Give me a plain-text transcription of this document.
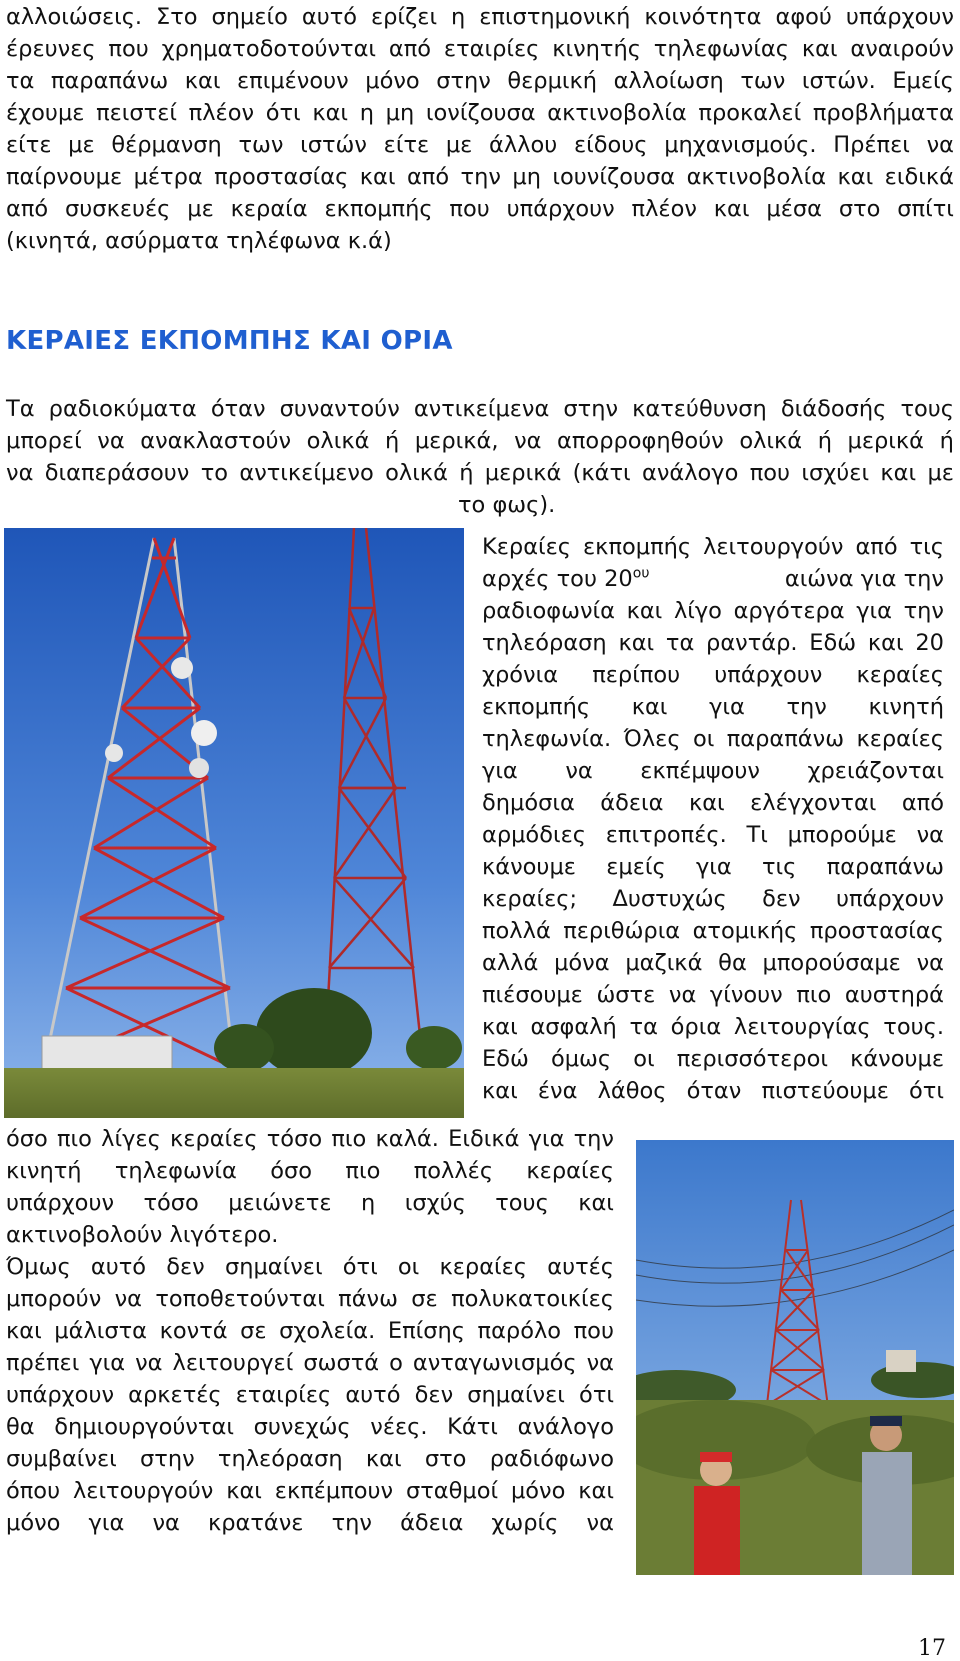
αλλοιώσεις. Στο σημείο αυτό ερίζει η επιστημονική κοινότητα αφού υπάρχουν
έρευνες που χρηματοδοτούνται από εταιρίες κινητής τηλεφωνίας και αναιρούν
τα παραπάνω και επιμένουν μόνο στην θερμική αλλοίωση των ιστών. Εμείς
έχουμε πειστεί πλέον ότι και η μη ιονίζουσα ακτινοβολία προκαλεί προβλήματα
είτε με θέρμανση των ιστών είτε με άλλου είδους μηχανισμούς. Πρέπει να
παίρνουμε μέτρα προστασίας και από την μη ιουνίζουσα ακτινοβολία και ειδικά
από συσκευές με κεραία εκπομπής που υπάρχουν πλέον και μέσα στο σπίτι
(κινητά, ασύρματα τηλέφωνα κ.ά)
ΚΕΡΑΙΕΣ ΕΚΠΟΜΠΗΣ ΚΑΙ ΟΡΙΑ
Τα ραδιοκύματα όταν συναντούν αντικείμενα στην κατεύθυνση διάδοσής τους
μπορεί να ανακλαστούν ολικά ή μερικά, να απορροφηθούν ολικά ή μερικά ή
να διαπεράσουν το αντικείμενο ολικά ή μερικά (κάτι ανάλογο που ισχύει και με
το φως).
Κεραίες εκπομπής λειτουργούν από τις
αρχές του $20^{o\upsilon}$	αιώνα για την
ραδιοφωνία και λίγο αργότερα για την
τηλεόραση και τα ραντάρ. Εδώ και 20
χρόνια περίπου υπάρχουν κεραίες
εκπομπής και για την κινητή
τηλεφωνία. Όλες οι παραπάνω κεραίες
για να εκπέμψουν χρειάζονται
δημόσια άδεια και ελέγχονται από
αρμόδιες επιτροπές. Τι μπορούμε να
κάνουμε εμείς για τις παραπάνω
κεραίες; Δυστυχώς δεν υπάρχουν
πολλά περιθώρια ατομικής προστασίας
αλλά μόνα μαζικά θα μπορούσαμε να
πιέσουμε ώστε να γίνουν πιο αυστηρά
και ασφαλή τα όρια λειτουργίας τους.
Εδώ όμως οι περισσότεροι κάνουμε
και ένα λάθος όταν πιστεύουμε ότι
όσο πιο λίγες κεραίες τόσο πιο καλά. Ειδικά για την
κινητή τηλεφωνία όσο πιο πολλές κεραίες
υπάρχουν τόσο μειώνετε η ισχύς τους και
ακτινοβολούν λιγότερο.
Όμως αυτό δεν σημαίνει ότι οι κεραίες αυτές
μπορούν να τοποθετούνται πάνω σε πολυκατοικίες
και μάλιστα κοντά σε σχολεία. Επίσης παρόλο που
πρέπει για να λειτουργεί σωστά ο ανταγωνισμός να
υπάρχουν αρκετές εταιρίες αυτό δεν σημαίνει ότι
θα δημιουργούνται συνεχώς νέες. Κάτι ανάλογο
συμβαίνει στην τηλεόραση και στο ραδιόφωνο
όπου λειτουργούν και εκπέμπουν σταθμοί μόνο και
μόνο για να κρατάνε την άδεια χωρίς να
17
